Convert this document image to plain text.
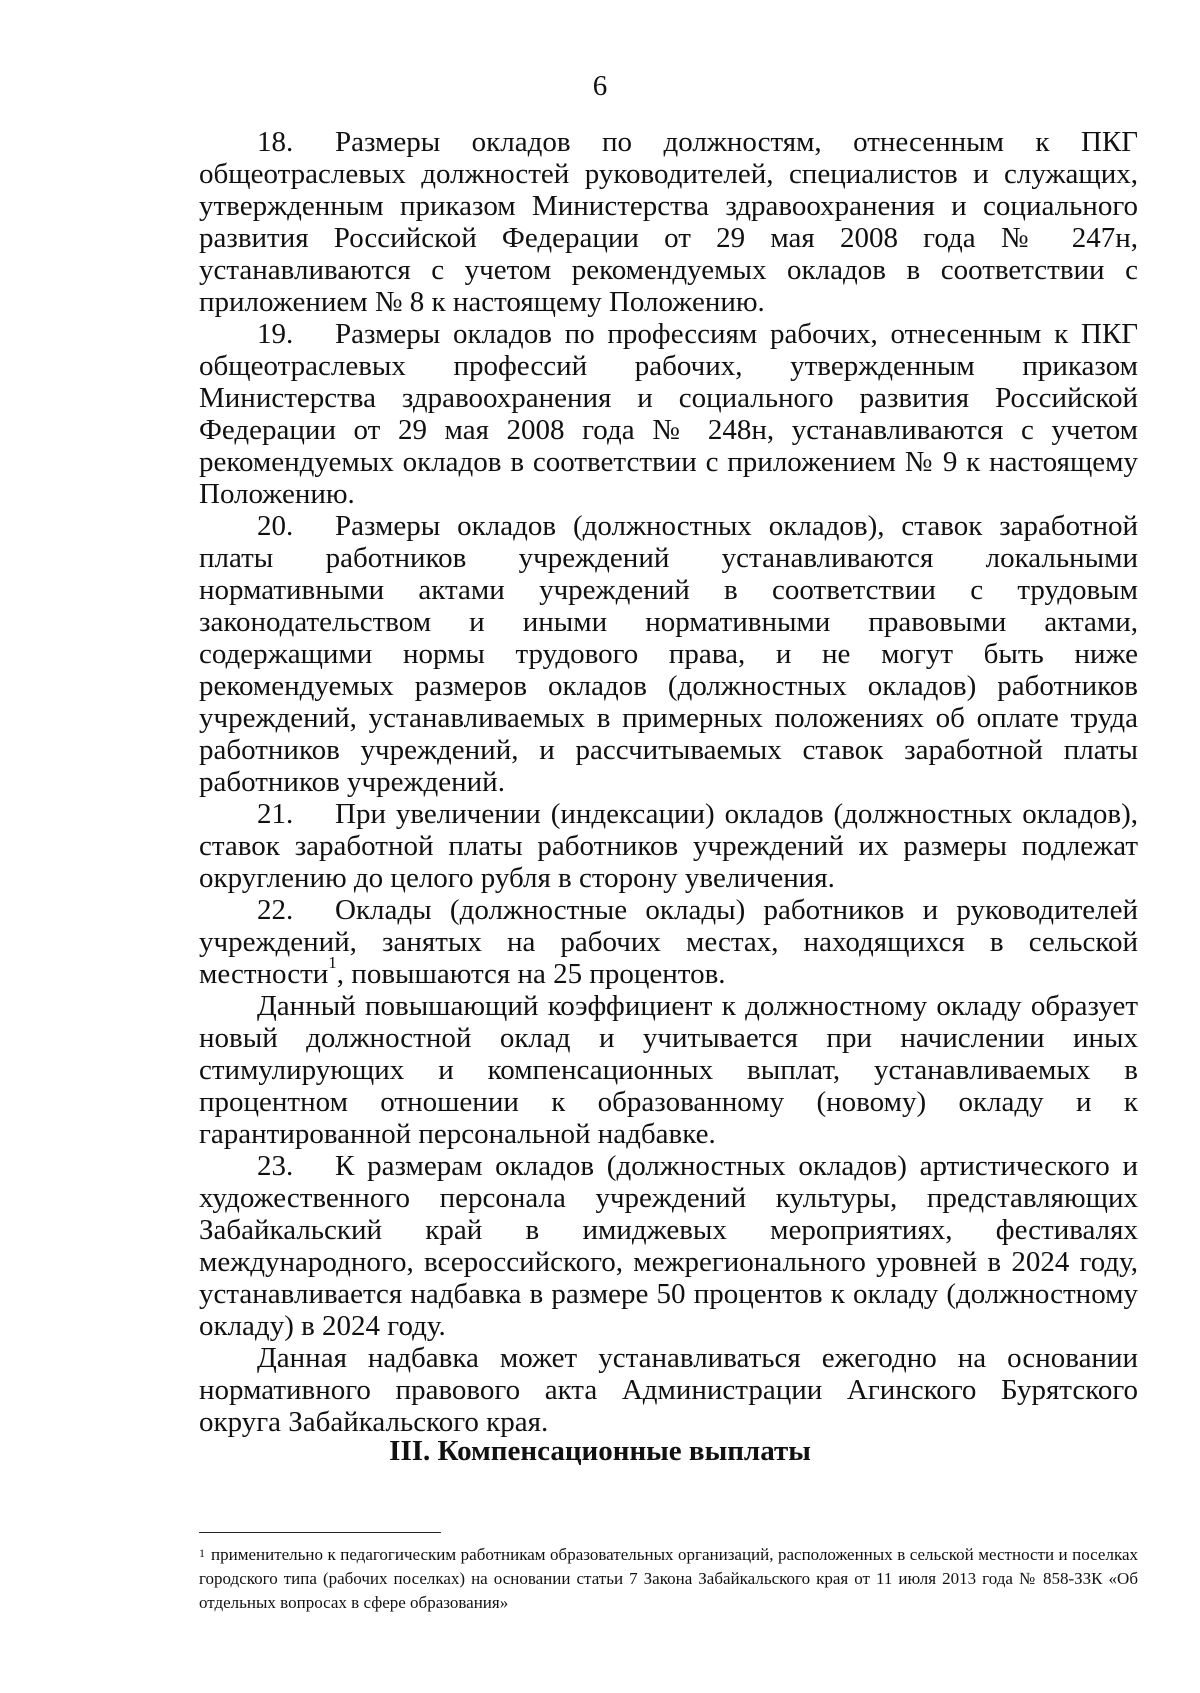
6

18. Размеры окладов по должностям, отнесенным к ПКГ общеотраслевых должностей руководителей, специалистов и служащих, утвержденным приказом Министерства здравоохранения и социального развития Российской Федерации от 29 мая 2008 года № 247н, устанавливаются с учетом рекомендуемых окладов в соответствии с приложением № 8 к настоящему Положению.

19. Размеры окладов по профессиям рабочих, отнесенным к ПКГ общеотраслевых профессий рабочих, утвержденным приказом Министерства здравоохранения и социального развития Российской Федерации от 29 мая 2008 года № 248н, устанавливаются с учетом рекомендуемых окладов в соответствии с приложением № 9 к настоящему Положению.

20. Размеры окладов (должностных окладов), ставок заработной платы работников учреждений устанавливаются локальными нормативными актами учреждений в соответствии с трудовым законодательством и иными нормативными правовыми актами, содержащими нормы трудового права, и не могут быть ниже рекомендуемых размеров окладов (должностных окладов) работников учреждений, устанавливаемых в примерных положениях об оплате труда работников учреждений, и рассчитываемых ставок заработной платы работников учреждений.

21. При увеличении (индексации) окладов (должностных окладов), ставок заработной платы работников учреждений их размеры подлежат округлению до целого рубля в сторону увеличения.

22. Оклады (должностные оклады) работников и руководителей учреждений, занятых на рабочих местах, находящихся в сельской местности$^1$, повышаются на 25 процентов.

Данный повышающий коэффициент к должностному окладу образует новый должностной оклад и учитывается при начислении иных стимулирующих и компенсационных выплат, устанавливаемых в процентном отношении к образованному (новому) окладу и к гарантированной персональной надбавке.

23. К размерам окладов (должностных окладов) артистического и художественного персонала учреждений культуры, представляющих Забайкальский край в имиджевых мероприятиях, фестивалях международного, всероссийского, межрегионального уровней в 2024 году, устанавливается надбавка в размере 50 процентов к окладу (должностному окладу) в 2024 году.

Данная надбавка может устанавливаться ежегодно на основании нормативного правового акта Администрации Агинского Бурятского округа Забайкальского края.

III. Компенсационные выплаты
$^1$ применительно к педагогическим работникам образовательных организаций, расположенных в сельской местности и поселках городского типа (рабочих поселках) на основании статьи 7 Закона Забайкальского края от 11 июля 2013 года № 858-ЗЗК «Об отдельных вопросах в сфере образования»
